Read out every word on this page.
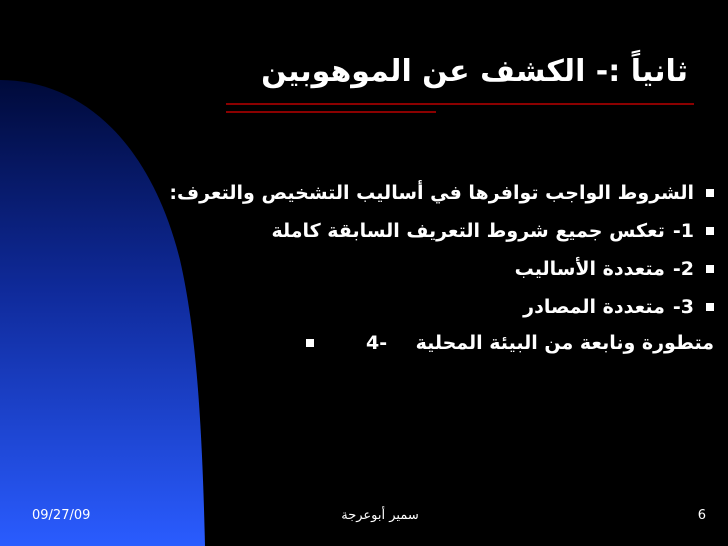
ثانياً :- الكشف عن الموهوبين
الشروط الواجب توافرها في أساليب التشخيص والتعرف:
1-تعكس جميع شروط التعريف السابقة كاملة
2-متعددة الأساليب
3-متعددة المصادر
متطورة ونابعة من البيئة المحلية
4-
09/27/09	سمير أبوعرجة	6
